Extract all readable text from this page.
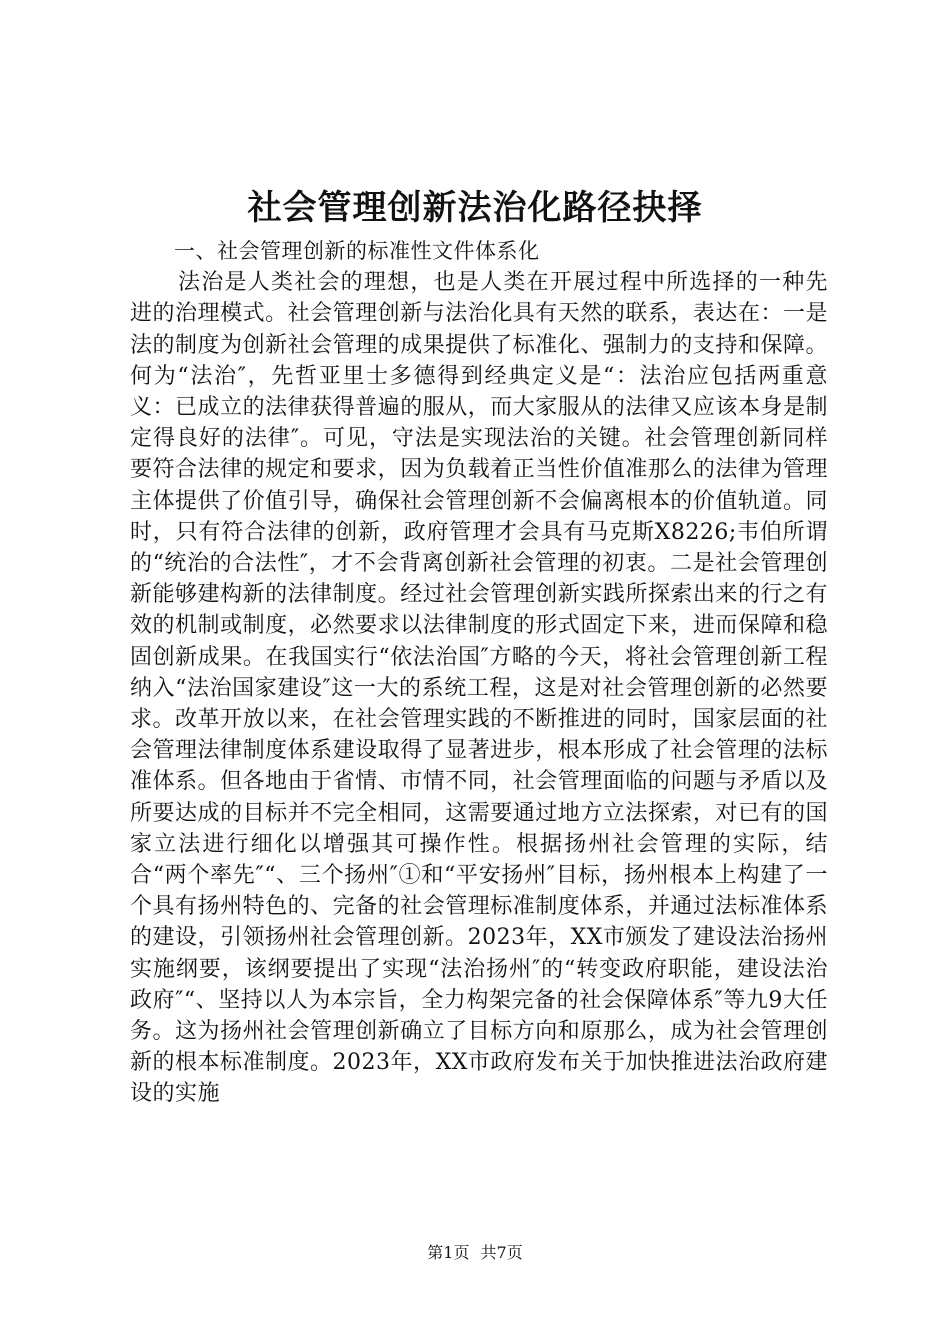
社会管理创新法治化路径抉择

一、社会管理创新的标准性文件体系化

法治是人类社会的理想，也是人类在开展过程中所选择的一种先进的治理模式。社会管理创新与法治化具有天然的联系，表达在：一是法的制度为创新社会管理的成果提供了标准化、强制力的支持和保障。何为“法治″，先哲亚里士多德得到经典定义是“：法治应包括两重意义：已成立的法律获得普遍的服从，而大家服从的法律又应该本身是制定得良好的法律″。可见，守法是实现法治的关键。社会管理创新同样要符合法律的规定和要求，因为负载着正当性价值准那么的法律为管理主体提供了价值引导，确保社会管理创新不会偏离根本的价值轨道。同时，只有符合法律的创新，政府管理才会具有马克斯X8226;韦伯所谓的“统治的合法性″，才不会背离创新社会管理的初衷。二是社会管理创新能够建构新的法律制度。经过社会管理创新实践所探索出来的行之有效的机制或制度，必然要求以法律制度的形式固定下来，进而保障和稳固创新成果。在我国实行“依法治国″方略的今天，将社会管理创新工程纳入“法治国家建设″这一大的系统工程，这是对社会管理创新的必然要求。改革开放以来，在社会管理实践的不断推进的同时，国家层面的社会管理法律制度体系建设取得了显著进步，根本形成了社会管理的法标准体系。但各地由于省情、市情不同，社会管理面临的问题与矛盾以及所要达成的目标并不完全相同，这需要通过地方立法探索，对已有的国家立法进行细化以增强其可操作性。根据扬州社会管理的实际，结合“两个率先″“、三个扬州″①和“平安扬州″目标，扬州根本上构建了一个具有扬州特色的、完备的社会管理标准制度体系，并通过法标准体系的建设，引领扬州社会管理创新。2023年，XX市颁发了建设法治扬州实施纲要，该纲要提出了实现“法治扬州″的“转变政府职能，建设法治政府″“、坚持以人为本宗旨，全力构架完备的社会保障体系″等九9大任务。这为扬州社会管理创新确立了目标方向和原那么，成为社会管理创新的根本标准制度。2023年，XX市政府发布关于加快推进法治政府建设的实施

第1页 共7页
